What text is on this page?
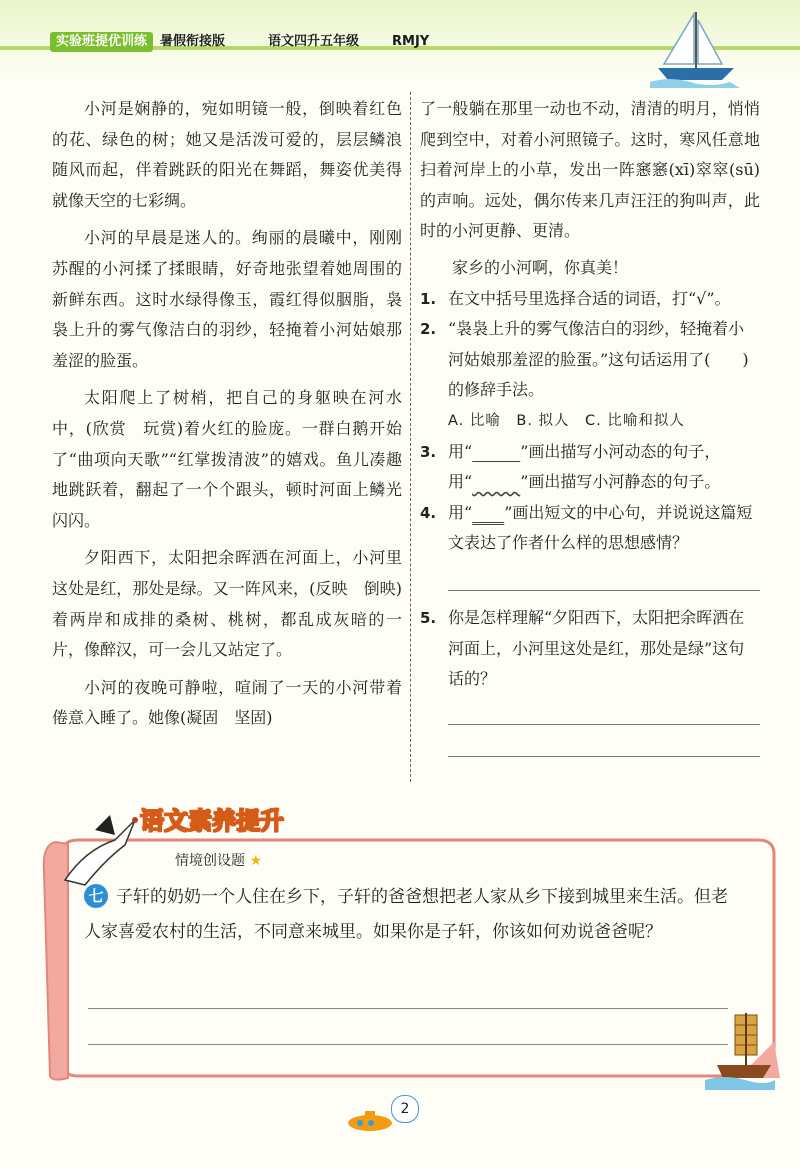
实验班提优训练 暑假衔接版	语文四升五年级	RMJY

小河是娴静的，宛如明镜一般，倒映着红色的花、绿色的树；她又是活泼可爱的，层层鳞浪随风而起，伴着跳跃的阳光在舞蹈，舞姿优美得就像天空的七彩绸。

小河的早晨是迷人的。绚丽的晨曦中，刚刚苏醒的小河揉了揉眼睛，好奇地张望着她周围的新鲜东西。这时水绿得像玉，霞红得似胭脂，袅袅上升的雾气像洁白的羽纱，轻掩着小河姑娘那羞涩的脸蛋。

太阳爬上了树梢，把自己的身躯映在河水中，(欣赏　玩赏)着火红的脸庞。一群白鹅开始了“曲项向天歌”“红掌拨清波”的嬉戏。鱼儿凑趣地跳跃着，翻起了一个个跟头，顿时河面上鳞光闪闪。

夕阳西下，太阳把余晖洒在河面上，小河里这处是红，那处是绿。又一阵风来，(反映　倒映)着两岸和成排的桑树、桃树，都乱成灰暗的一片，像醉汉，可一会儿又站定了。

小河的夜晚可静啦，喧闹了一天的小河带着倦意入睡了。她像(凝固　坚固)

了一般躺在那里一动也不动，清清的明月，悄悄爬到空中，对着小河照镜子。这时，寒风任意地扫着河岸上的小草，发出一阵窸窸(xī)窣窣(sū)的声响。远处，偶尔传来几声汪汪的狗叫声，此时的小河更静、更清。

家乡的小河啊，你真美！

1. 在文中括号里选择合适的词语，打“√”。
2. “袅袅上升的雾气像洁白的羽纱，轻掩着小河姑娘那羞涩的脸蛋。”这句话运用了(　　)的修辞手法。
A. 比喻　B. 拟人　C. 比喻和拟人
3. 用“　　　	”画出描写小河动态的句子，
用“　　　	”画出描写小河静态的句子。
4. 用“　　 ”画出短文的中心句，并说说这篇短文表达了作者什么样的思想感情？
5. 你是怎样理解“夕阳西下，太阳把余晖洒在河面上，小河里这处是红，那处是绿”这句话的？
语文素养提升
情境创设题 ★
七 子轩的奶奶一个人住在乡下，子轩的爸爸想把老人家从乡下接到城里来生活。但老人家喜爱农村的生活，不同意来城里。如果你是子轩，你该如何劝说爸爸呢？
2
